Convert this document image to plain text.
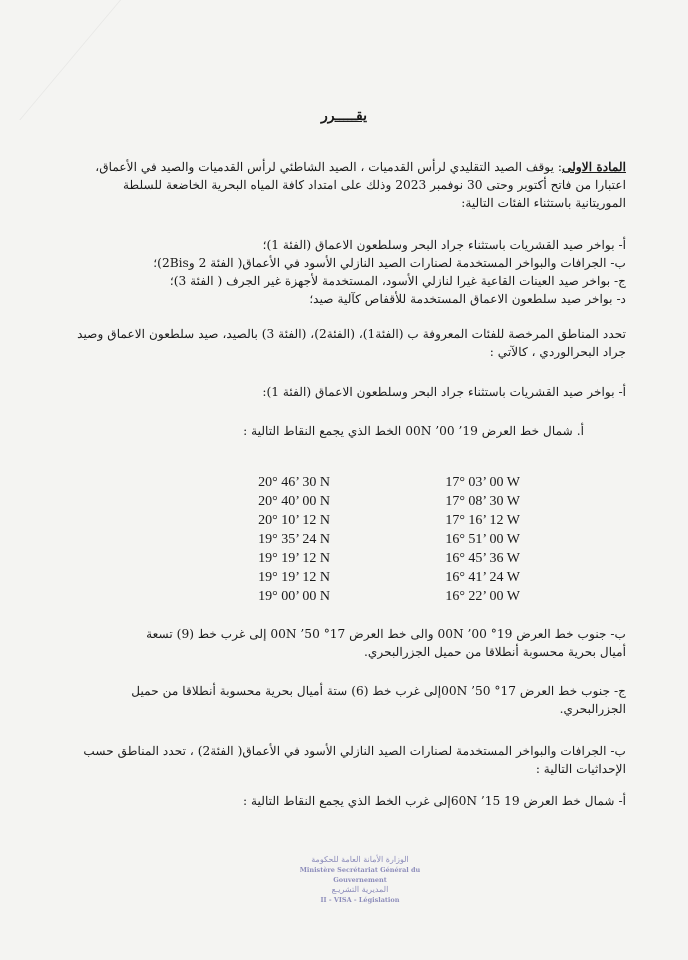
يقـــــرر
المادة الاولى: يوقف الصيد التقليدي لرأس القدميات ، الصيد الشاطئي لرأس القدميات والصيد في الأعماق،
اعتبارا من فاتح أكتوبر وحتى 30 نوفمبر 2023 وذلك على امتداد كافة المياه البحرية الخاضعة للسلطة
الموريتانية باستثناء الفئات التالية:
أ- بواخر صيد القشريات باستثناء جراد البحر وسلطعون الاعماق (الفئة 1)؛
ب- الجرافات والبواخر المستخدمة لصنارات الصيد النازلي الأسود في الأعماق( الفئة 2 و2Bis)؛
ج- بواخر صيد العينات القاعية غيرا لنازلي الأسود، المستخدمة لأجهزة غير الجرف ( الفئة 3)؛
د- بواخر صيد سلطعون الاعماق المستخدمة للأقفاص كآلية صيد؛
تحدد المناطق المرخصة للفئات المعروفة ب (الفئة1)، (الفئة2)، (الفئة 3) بالصيد، صيد سلطعون الاعماق وصيد
جراد البحرالوردي ، كالآتي :
أ- بواخر صيد القشريات باستثناء جراد البحر وسلطعون الاعماق (الفئة 1):
أ. شمال خط العرض 00N ’00 ’19 الخط الذي يجمع النقاط التالية :
20° 46’ 30 N	17° 03’ 00 W
20° 40’ 00 N	17° 08’ 30 W
20° 10’ 12 N	17° 16’ 12 W
19° 35’ 24 N	16° 51’ 00 W
19° 19’ 12 N	16° 45’ 36 W
19° 19’ 12 N	16° 41’ 24 W
19° 00’ 00 N	16° 22’ 00 W
ب- جنوب خط العرض 00N ’00 °19 والى خط العرض 00N ’50 °17 إلى غرب خط (9) تسعة
أميال بحرية محسوبة أنطلاقا من حميل الجزرالبحري.
ج- جنوب خط العرض 00N ’50 °17إلى غرب خط (6) ستة أميال بحرية محسوبة أنطلاقا من حميل
الجزرالبحري.
ب- الجرافات والبواخر المستخدمة لصنارات الصيد النازلي الأسود في الأعماق( الفئة2) ، تحدد المناطق حسب
الإحداثيات التالية :
أ- شمال خط العرض 60N ’15 19إلى غرب الخط الذي يجمع النقاط التالية :
الوزارة الأمانة العامة للحكومة
Ministère Secrétariat Général du Gouvernement
المديرية التشريـع
II - VISA - Législation
